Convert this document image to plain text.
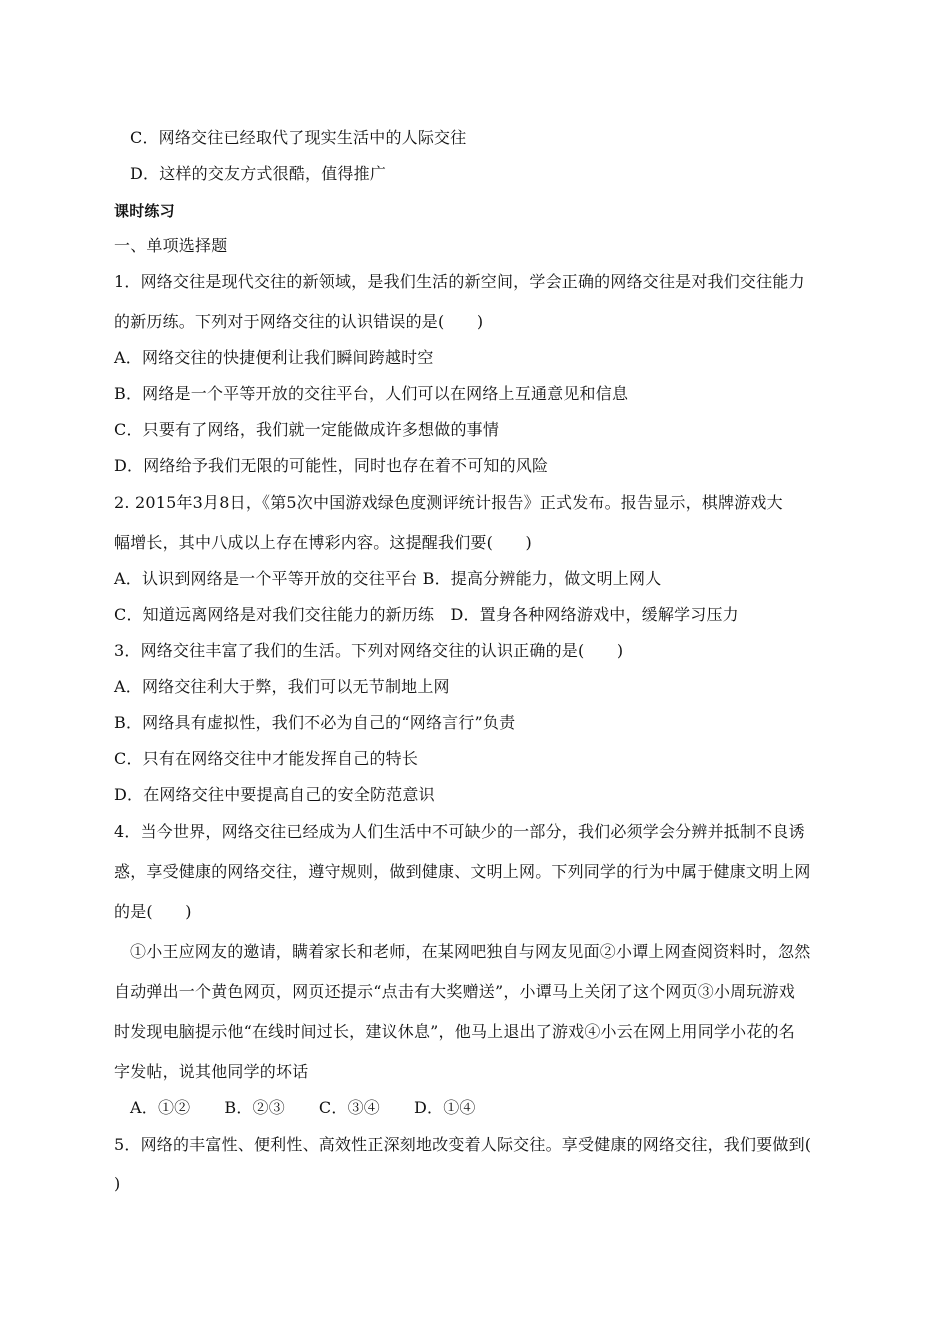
C．网络交往已经取代了现实生活中的人际交往
D．这样的交友方式很酷，值得推广
课时练习
一、单项选择题
1．网络交往是现代交往的新领域，是我们生活的新空间，学会正确的网络交往是对我们交往能力
的新历练。下列对于网络交往的认识错误的是(　　)
A．网络交往的快捷便利让我们瞬间跨越时空
B．网络是一个平等开放的交往平台，人们可以在网络上互通意见和信息
C．只要有了网络，我们就一定能做成许多想做的事情
D．网络给予我们无限的可能性，同时也存在着不可知的风险
2. 2015年3月8日，《第5次中国游戏绿色度测评统计报告》正式发布。报告显示，棋牌游戏大
幅增长，其中八成以上存在博彩内容。这提醒我们要(　　)
A．认识到网络是一个平等开放的交往平台 B．提高分辨能力，做文明上网人
C．知道远离网络是对我们交往能力的新历练　D．置身各种网络游戏中，缓解学习压力
3．网络交往丰富了我们的生活。下列对网络交往的认识正确的是(　　)
A．网络交往利大于弊，我们可以无节制地上网
B．网络具有虚拟性，我们不必为自己的“网络言行”负责
C．只有在网络交往中才能发挥自己的特长
D．在网络交往中要提高自己的安全防范意识
4．当今世界，网络交往已经成为人们生活中不可缺少的一部分，我们必须学会分辨并抵制不良诱
惑，享受健康的网络交往，遵守规则，做到健康、文明上网。下列同学的行为中属于健康文明上网
的是(　　)
①小王应网友的邀请，瞒着家长和老师，在某网吧独自与网友见面②小谭上网查阅资料时，忽然
自动弹出一个黄色网页，网页还提示“点击有大奖赠送”，小谭马上关闭了这个网页③小周玩游戏
时发现电脑提示他“在线时间过长，建议休息”，他马上退出了游戏④小云在网上用同学小花的名
字发帖，说其他同学的坏话
A．①② B．②③ C．③④ D．①④
5．网络的丰富性、便利性、高效性正深刻地改变着人际交往。享受健康的网络交往，我们要做到(
)
